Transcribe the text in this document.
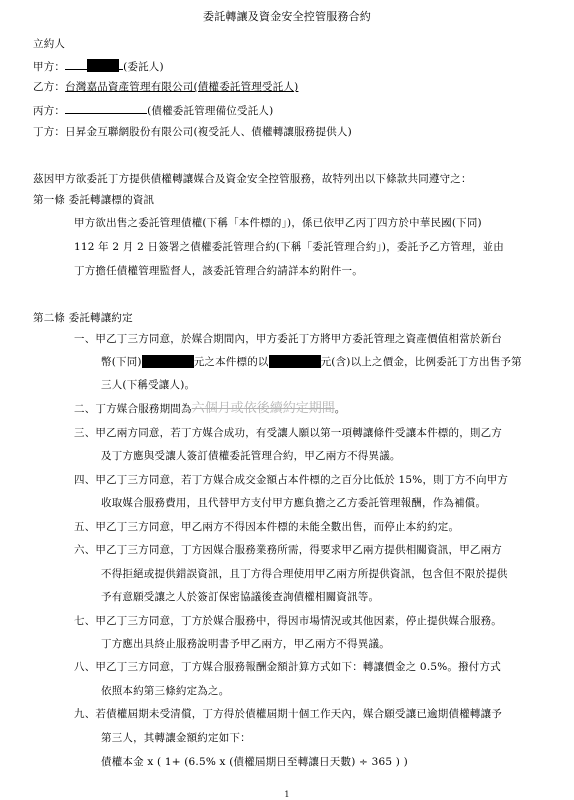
委託轉讓及資金安全控管服務合約
立約人
甲方：	(委託人)
乙方：台灣嘉品資產管理有限公司(債權委託管理受託人)
丙方：	(債權委託管理備位受託人)
丁方：日昇金互聯網股份有限公司(複受託人、債權轉讓服務提供人)
茲因甲方欲委託丁方提供債權轉讓媒合及資金安全控管服務，故特列出以下條款共同遵守之：
第一條 委託轉讓標的資訊
甲方欲出售之委託管理債權(下稱「本件標的」)，係已依甲乙丙丁四方於中華民國(下同)
112 年 2 月 2 日簽署之債權委託管理合約(下稱「委託管理合約」)，委託予乙方管理，並由
丁方擔任債權管理監督人，該委託管理合約請詳本約附件一。
第二條 委託轉讓約定
一、甲乙丁三方同意，於媒合期間內，甲方委託丁方將甲方委託管理之資產價值相當於新台
幣(下同)	元之本件標的以	元(含)以上之價金，比例委託丁方出售予第
三人(下稱受讓人)。
二、丁方媒合服務期間為六個月或依後續約定期間。
三、甲乙兩方同意，若丁方媒合成功，有受讓人願以第一項轉讓條件受讓本件標的，則乙方
及丁方應與受讓人簽訂債權委託管理合約，甲乙兩方不得異議。
四、甲乙丁三方同意，若丁方媒合成交金額占本件標的之百分比低於 15%，則丁方不向甲方
收取媒合服務費用，且代替甲方支付甲方應負擔之乙方委託管理報酬，作為補償。
五、甲乙丁三方同意，甲乙兩方不得因本件標的未能全數出售，而停止本約約定。
六、甲乙丁三方同意，丁方因媒合服務業務所需，得要求甲乙兩方提供相關資訊，甲乙兩方
不得拒絕或提供錯誤資訊，且丁方得合理使用甲乙兩方所提供資訊，包含但不限於提供
予有意願受讓之人於簽訂保密協議後查詢債權相關資訊等。
七、甲乙丁三方同意，丁方於媒合服務中，得因市場情況或其他因素，停止提供媒合服務。
丁方應出具終止服務說明書予甲乙兩方，甲乙兩方不得異議。
八、甲乙丁三方同意，丁方媒合服務報酬金額計算方式如下：轉讓價金之 0.5%。撥付方式
依照本約第三條約定為之。
九、若債權屆期未受清償，丁方得於債權屆期十個工作天內，媒合願受讓已逾期債權轉讓予
第三人，其轉讓金額約定如下：
債權本金 x ( 1+ (6.5% x (債權屆期日至轉讓日天數) ÷ 365 ) )
1
